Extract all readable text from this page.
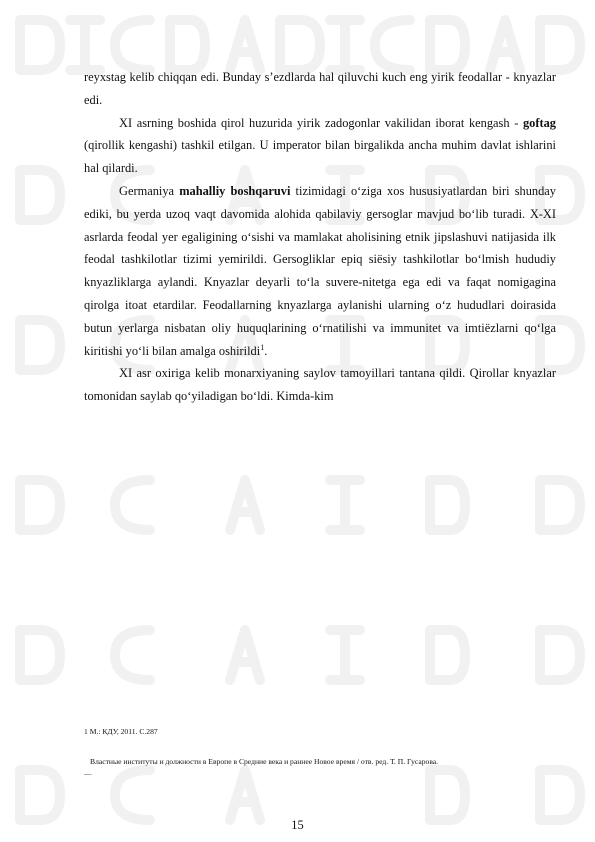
reyxstag kelib chiqqan edi. Bunday s’ezdlarda hal qiluvchi kuch eng yirik feodallar - knyazlar edi.

XI asrning boshida qirol huzurida yirik zadogonlar vakilidan iborat kengash - goftag (qirollik kengashi) tashkil etilgan. U imperator bilan birgalikda ancha muhim davlat ishlarini hal qilardi.

Germaniya mahalliy boshqaruvi tizimidagi o‘ziga xos hususiyatlardan biri shunday ediki, bu yerda uzoq vaqt davomida alohida qabilaviy gersoglar mavjud bo‘lib turadi. X-XI asrlarda feodal yer egaligining o‘sishi va mamlakat aholisining etnik jipslashuvi natijasida ilk feodal tashkilotlar tizimi yemirildi. Gersogliklar epiq siёsiy tashkilotlar bo‘lmish hududiy knyazliklarga aylandi. Knyazlar deyarli to‘la suvere-nitetga ega edi va faqat nomigagina qirolga itoat etardilar. Feodallarning knyazlarga aylanishi ularning o‘z hududlari doirasida butun yerlarga nisbatan oliy huquqlarining o‘rnatilishi va immunitet va imtiёzlarni qo‘lga kiritishi yo‘li bilan amalga oshirildi$^1$.

XI asr oxiriga kelib monarxiyaning saylov tamoyillari tantana qildi. Qirollar knyazlar tomonidan saylab qo‘yiladigan bo‘ldi. Kimda-kim

1 M.: КДУ, 2011. С.287
Властные институты и должности в Европе в Средние века и раннее Новое время / отв. ред. Т. П. Гусарова.
—
15
